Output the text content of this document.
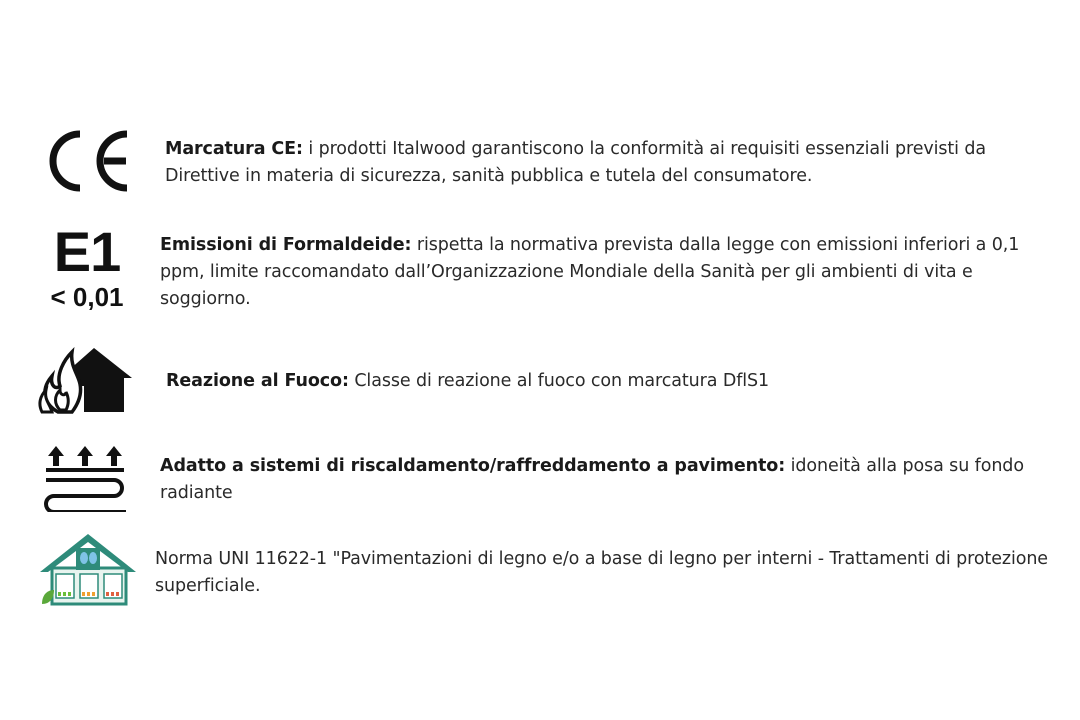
Marcatura CE: i prodotti Italwood garantiscono la conformità ai requisiti essenziali previsti da Direttive in materia di sicurezza, sanità pubblica e tutela del consumatore.
E1
< 0,01
Emissioni di Formaldeide: rispetta la normativa prevista dalla legge con emissioni inferiori a 0,1 ppm, limite raccomandato dall’Organizzazione Mondiale della Sanità per gli ambienti di vita e soggiorno.
Reazione al Fuoco: Classe di reazione al fuoco con marcatura DflS1
Adatto a sistemi di riscaldamento/raffreddamento a pavimento: idoneità alla posa su fondo radiante
Norma UNI 11622-1 "Pavimentazioni di legno e/o a base di legno per interni - Trattamenti di protezione superficiale.
